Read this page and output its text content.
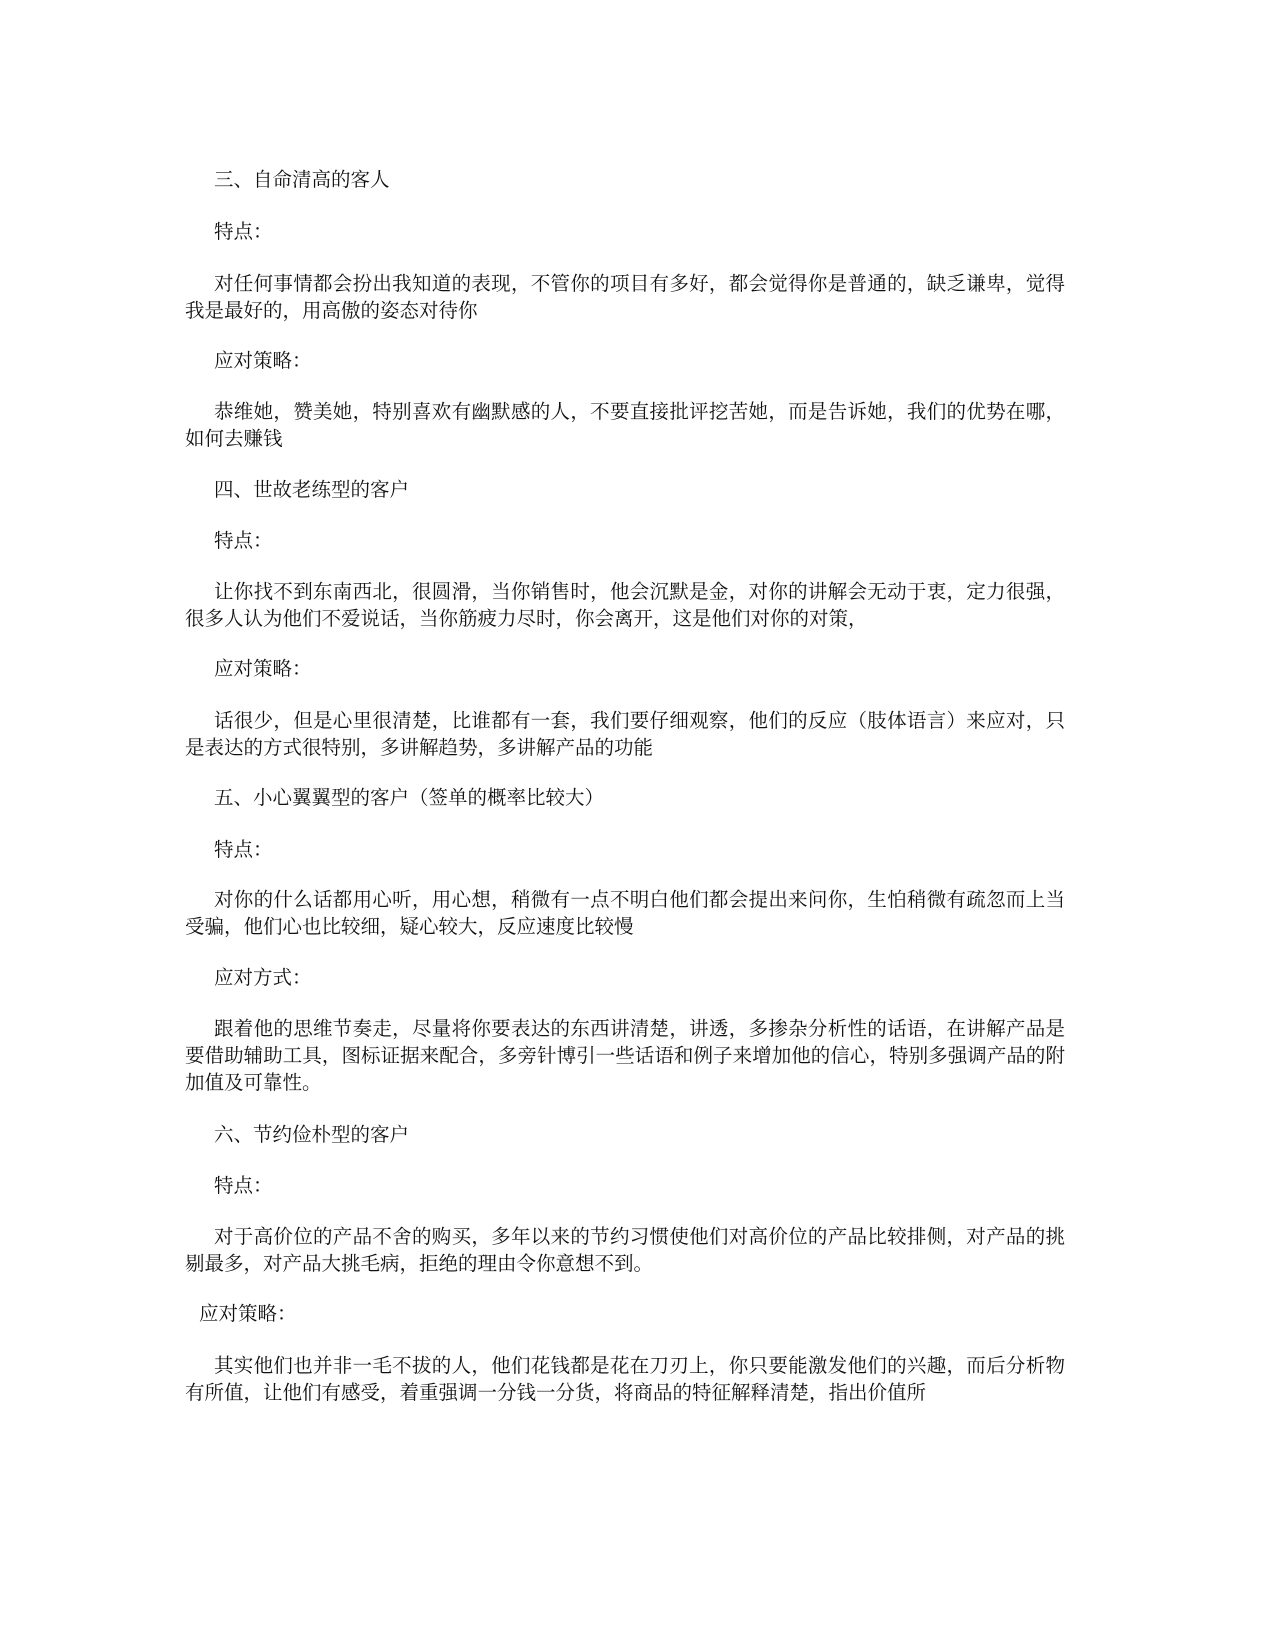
三、自命清高的客人

特点：

对任何事情都会扮出我知道的表现，不管你的项目有多好，都会觉得你是普通的，缺乏谦卑，觉得我是最好的，用高傲的姿态对待你

应对策略：

恭维她，赞美她，特别喜欢有幽默感的人，不要直接批评挖苦她，而是告诉她，我们的优势在哪，如何去赚钱

四、世故老练型的客户

特点：

让你找不到东南西北，很圆滑，当你销售时，他会沉默是金，对你的讲解会无动于衷，定力很强，很多人认为他们不爱说话，当你筋疲力尽时，你会离开，这是他们对你的对策，

应对策略：

话很少，但是心里很清楚，比谁都有一套，我们要仔细观察，他们的反应（肢体语言）来应对，只是表达的方式很特别，多讲解趋势，多讲解产品的功能

五、小心翼翼型的客户（签单的概率比较大）

特点：

对你的什么话都用心听，用心想，稍微有一点不明白他们都会提出来问你，生怕稍微有疏忽而上当受骗，他们心也比较细，疑心较大，反应速度比较慢

应对方式：

跟着他的思维节奏走，尽量将你要表达的东西讲清楚，讲透，多掺杂分析性的话语，在讲解产品是要借助辅助工具，图标证据来配合，多旁针博引一些话语和例子来增加他的信心，特别多强调产品的附加值及可靠性。

六、节约俭朴型的客户

特点：

对于高价位的产品不舍的购买，多年以来的节约习惯使他们对高价位的产品比较排侧，对产品的挑剔最多，对产品大挑毛病，拒绝的理由令你意想不到。

应对策略：

其实他们也并非一毛不拔的人，他们花钱都是花在刀刃上，你只要能激发他们的兴趣，而后分析物有所值，让他们有感受，着重强调一分钱一分货，将商品的特征解释清楚，指出价值所
